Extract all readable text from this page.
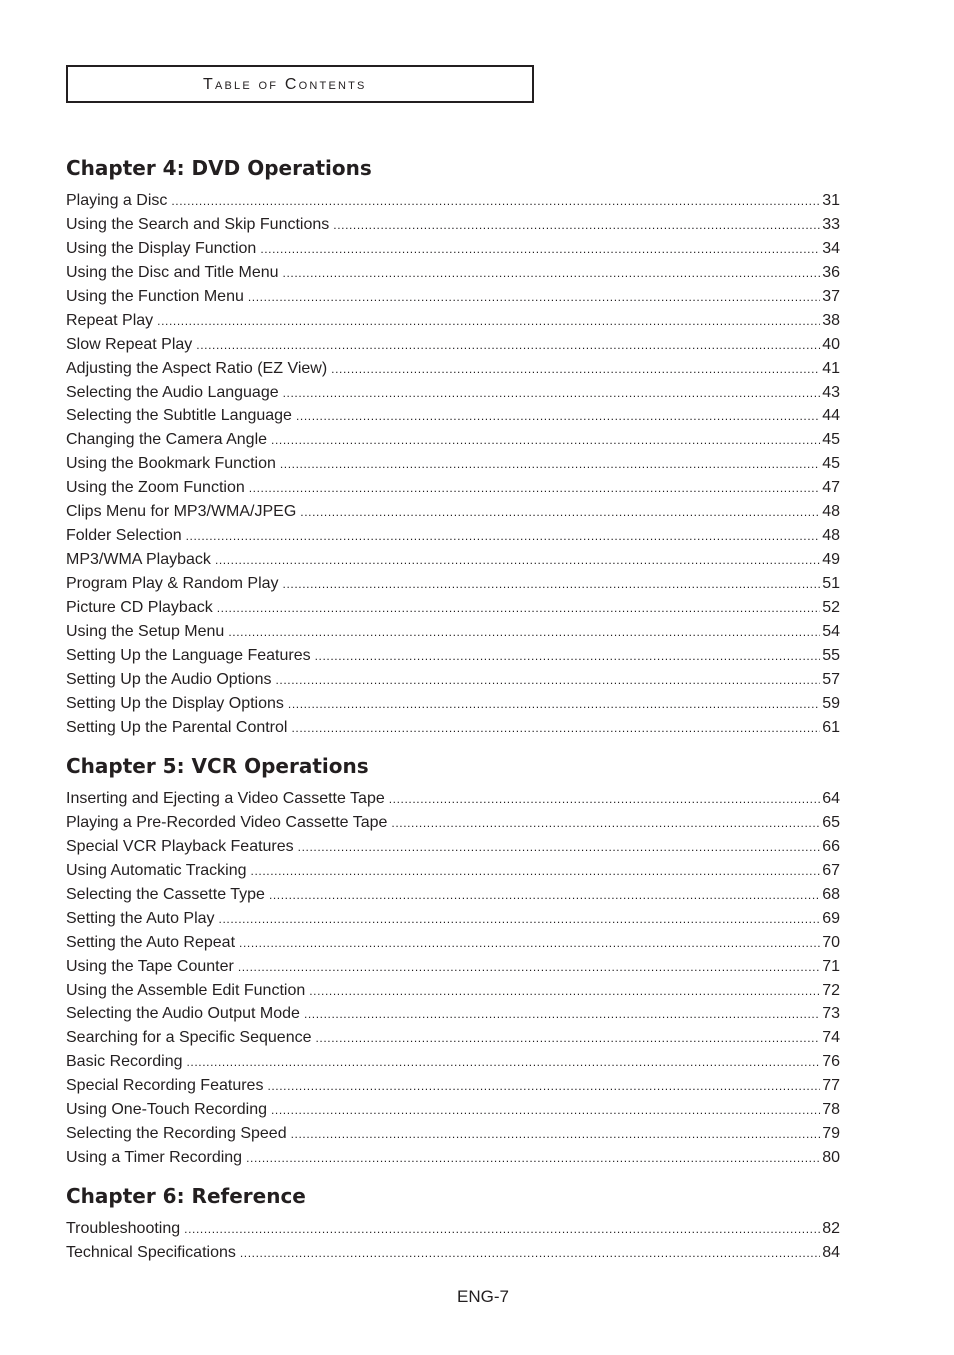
Table of Contents
Chapter 4: DVD Operations
Playing a Disc .....	31
Using the Search and Skip Functions .....	33
Using the Display Function .....	34
Using the Disc and Title Menu .....	36
Using the Function Menu .....	37
Repeat Play .....	38
Slow Repeat Play .....	40
Adjusting the Aspect Ratio (EZ View) .....	41
Selecting the Audio Language .....	43
Selecting the Subtitle Language .....	44
Changing the Camera Angle .....	45
Using the Bookmark Function .....	45
Using the Zoom Function .....	47
Clips Menu for MP3/WMA/JPEG .....	48
Folder Selection .....	48
MP3/WMA Playback .....	49
Program Play & Random Play .....	51
Picture CD Playback .....	52
Using the Setup Menu .....	54
Setting Up the Language Features .....	55
Setting Up the Audio Options .....	57
Setting Up the Display Options .....	59
Setting Up the Parental Control .....	61
Chapter 5: VCR Operations
Inserting and Ejecting a Video Cassette Tape .....	64
Playing a Pre-Recorded Video Cassette Tape .....	65
Special VCR Playback Features .....	66
Using Automatic Tracking .....	67
Selecting the Cassette Type .....	68
Setting the Auto Play .....	69
Setting the Auto Repeat .....	70
Using the Tape Counter .....	71
Using the Assemble Edit Function .....	72
Selecting the Audio Output Mode .....	73
Searching for a Specific Sequence .....	74
Basic Recording .....	76
Special Recording Features .....	77
Using One-Touch Recording .....	78
Selecting the Recording Speed .....	79
Using a Timer Recording .....	80
Chapter 6: Reference
Troubleshooting .....	82
Technical Specifications .....	84
ENG-7
